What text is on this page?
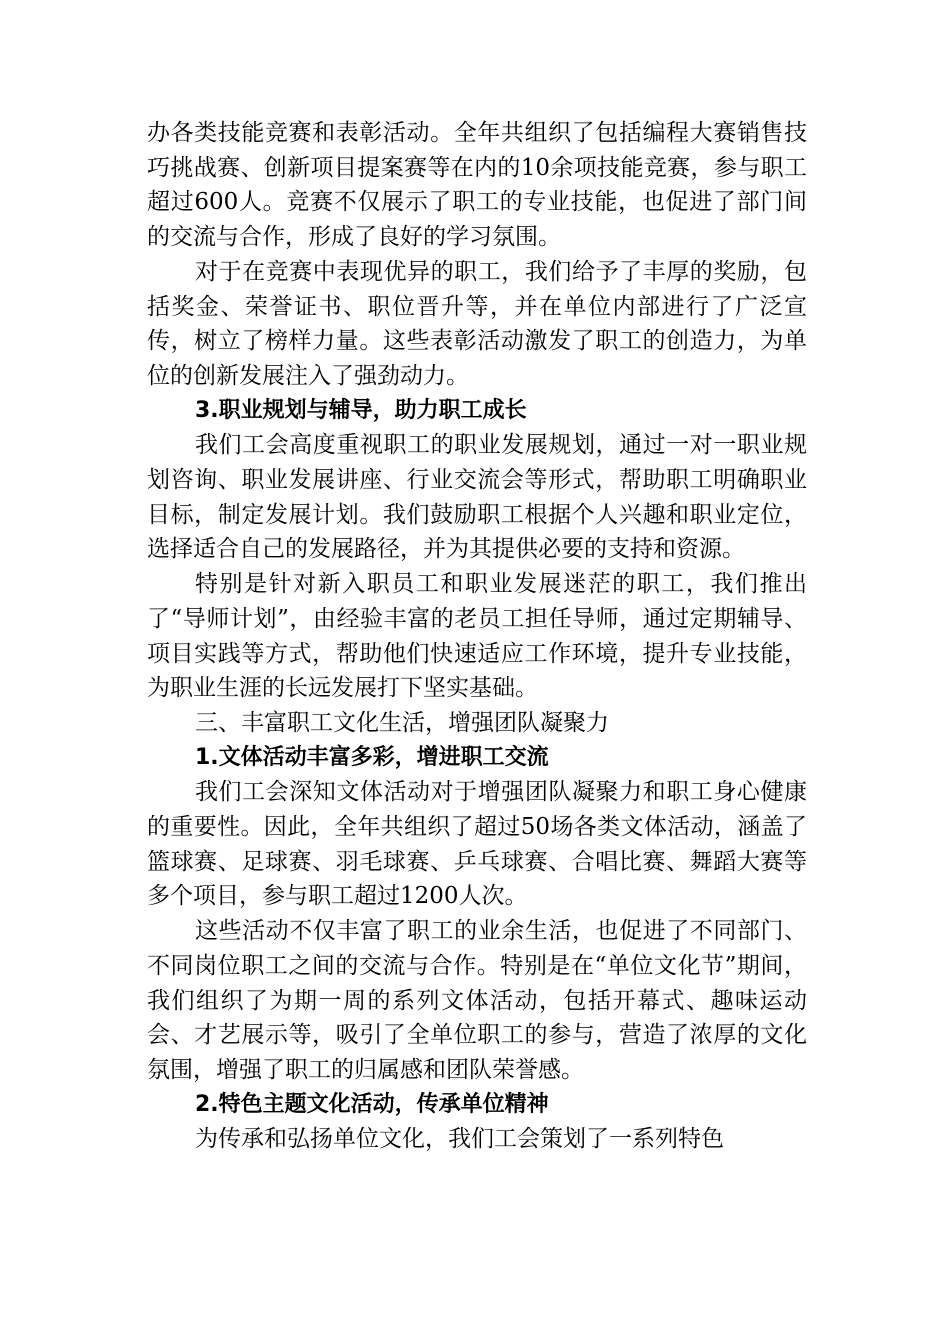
办各类技能竞赛和表彰活动。全年共组织了包括编程大赛销售技巧挑战赛、创新项目提案赛等在内的10余项技能竞赛，参与职工超过600人。竞赛不仅展示了职工的专业技能，也促进了部门间的交流与合作，形成了良好的学习氛围。

对于在竞赛中表现优异的职工，我们给予了丰厚的奖励，包括奖金、荣誉证书、职位晋升等，并在单位内部进行了广泛宣传，树立了榜样力量。这些表彰活动激发了职工的创造力，为单位的创新发展注入了强劲动力。

3.职业规划与辅导，助力职工成长

我们工会高度重视职工的职业发展规划，通过一对一职业规划咨询、职业发展讲座、行业交流会等形式，帮助职工明确职业目标，制定发展计划。我们鼓励职工根据个人兴趣和职业定位，选择适合自己的发展路径，并为其提供必要的支持和资源。

特别是针对新入职员工和职业发展迷茫的职工，我们推出了“导师计划”，由经验丰富的老员工担任导师，通过定期辅导、项目实践等方式，帮助他们快速适应工作环境，提升专业技能，为职业生涯的长远发展打下坚实基础。

三、丰富职工文化生活，增强团队凝聚力

1.文体活动丰富多彩，增进职工交流

我们工会深知文体活动对于增强团队凝聚力和职工身心健康的重要性。因此，全年共组织了超过50场各类文体活动，涵盖了篮球赛、足球赛、羽毛球赛、乒乓球赛、合唱比赛、舞蹈大赛等多个项目，参与职工超过1200人次。

这些活动不仅丰富了职工的业余生活，也促进了不同部门、不同岗位职工之间的交流与合作。特别是在“单位文化节”期间，我们组织了为期一周的系列文体活动，包括开幕式、趣味运动会、才艺展示等，吸引了全单位职工的参与，营造了浓厚的文化氛围，增强了职工的归属感和团队荣誉感。

2.特色主题文化活动，传承单位精神

为传承和弘扬单位文化，我们工会策划了一系列特色
